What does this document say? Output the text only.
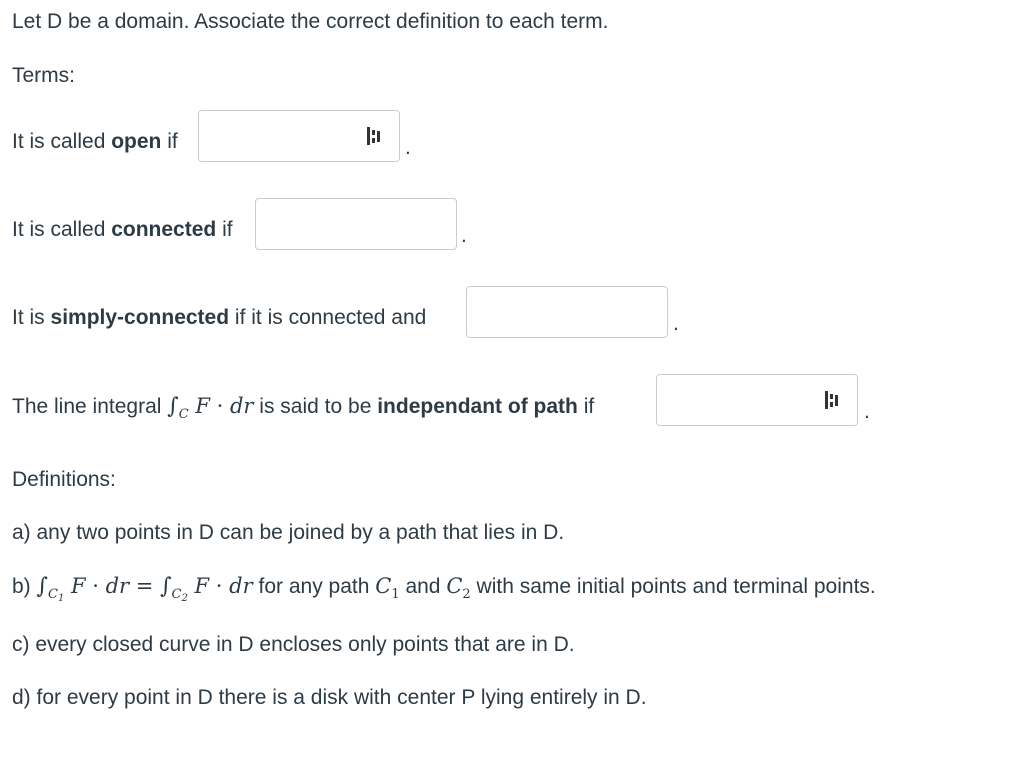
Let D be a domain. Associate the correct definition to each term.
Terms:
It is called open if	.
It is called connected if	.
It is simply-connected if it is connected and	.
The line integral $\int_C$ F · dr is said to be independant of path if	.
Definitions:
a) any two points in D can be joined by a path that lies in D.
b) $\int_{C_1}$ F · dr = $\int_{C_2}$ F · dr for any path $C_1$ and $C_2$ with same initial points and terminal points.
c) every closed curve in D encloses only points that are in D.
d) for every point in D there is a disk with center P lying entirely in D.
